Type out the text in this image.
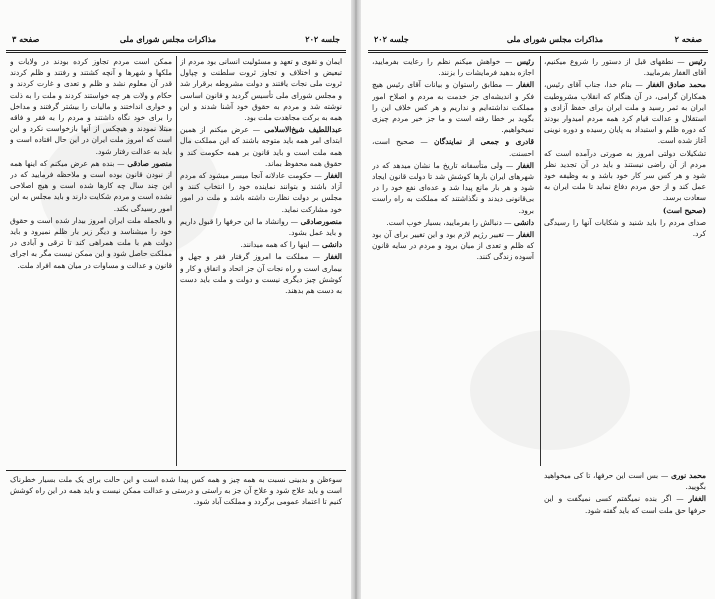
جلسه ۲۰۲
مذاکرات مجلس شورای ملی
صفحه ۳

ایمان و تقوی و تعهد و مسئولیت انسانی بود مردم از تبعیض و اختلاف و تجاوز ثروت سلطنت و چپاول ثروت ملی نجات یافتند و دولت مشروطه برقرار شد و مجلس شورای ملی تأسیس گردید و قانون اساسی نوشته شد و مردم به حقوق خود آشنا شدند و این همه به برکت مجاهدت ملت بود.

عبداللطیف شیخ‌الاسلامی — عرض میکنم از همین ابتدای امر همه باید متوجه باشند که این مملکت مال همه ملت است و باید قانون بر همه حکومت کند و حقوق همه محفوظ بماند.

الغفار — حکومت عادلانه آنجا میسر میشود که مردم آزاد باشند و بتوانند نماینده خود را انتخاب کنند و مجلس بر دولت نظارت داشته باشد و ملت در امور خود مشارکت نماید.

منصورصادقی — روانشاد ما این حرفها را قبول داریم و باید عمل بشود.

دانشی — اینها را که همه میدانند.

الغفار — مملکت ما امروز گرفتار فقر و جهل و بیماری است و راه نجات آن جز اتحاد و اتفاق و کار و کوشش چیز دیگری نیست و دولت و ملت باید دست به دست هم بدهند.

ممکن است مردم تجاوز کرده بودند در ولایات و ملکها و شهرها و آنچه کشتند و رفتند و ظلم کردند قدر آن معلوم نشد و ظلم و تعدی و غارت کردند و حکام و ولات هر چه خواستند کردند و ملت را به ذلت و خواری انداختند و مالیات را بیشتر گرفتند و مداخل را برای خود نگاه داشتند و مردم را به فقر و فاقه مبتلا نمودند و هیچکس از آنها بازخواست نکرد و این است که امروز ملت ایران در این حال افتاده است و باید به عدالت رفتار شود.

منصور صادقی — بنده هم عرض میکنم که اینها همه از نبودن قانون بوده است و ملاحظه فرمایید که در این چند سال چه کارها شده است و هیچ اصلاحی نشده است و مردم شکایت دارند و باید مجلس به این امور رسیدگی بکند.

و بالجمله ملت ایران امروز بیدار شده است و حقوق خود را میشناسد و دیگر زیر بار ظلم نمیرود و باید دولت هم با ملت همراهی کند تا ترقی و آبادی در مملکت حاصل شود و این ممکن نیست مگر به اجرای قانون و عدالت و مساوات در میان همه افراد ملت.

سوءظن و بدبینی نسبت به همه چیز و همه کس پیدا شده است و این حالت برای یک ملت بسیار خطرناک است و باید علاج شود و علاج آن جز به راستی و درستی و عدالت ممکن نیست و باید همه در این راه کوشش کنیم تا اعتماد عمومی برگردد و مملکت آباد شود.
صفحه ۲
مذاکرات مجلس شورای ملی
جلسه ۲۰۲

رئیس — نطقهای قبل از دستور را شروع میکنیم، آقای الغفار بفرمایید.

محمد صادق الغفار — بنام خدا، جناب آقای رئیس، همکاران گرامی، در آن هنگام که انقلاب مشروطیت ایران به ثمر رسید و ملت ایران برای حفظ آزادی و استقلال و عدالت قیام کرد همه مردم امیدوار بودند که دوره ظلم و استبداد به پایان رسیده و دوره نوینی آغاز شده است.

تشکیلات دولتی امروز به صورتی درآمده است که مردم از آن راضی نیستند و باید در آن تجدید نظر شود و هر کس سر کار خود باشد و به وظیفه خود عمل کند و از حق مردم دفاع نماید تا ملت ایران به سعادت برسد.

(صحیح است)

صدای مردم را باید شنید و شکایات آنها را رسیدگی کرد.

رئیس — خواهش میکنم نظم را رعایت بفرمایید، اجازه بدهید فرمایشات را بزنند.

الغفار — مطابق راستوان و بیانات آقای رئیس هیچ فکر و اندیشه‌ای جز خدمت به مردم و اصلاح امور مملکت نداشته‌ایم و نداریم و هر کس خلاف این را بگوید بر خطا رفته است و ما جز خیر مردم چیزی نمیخواهیم.

قادری و جمعی از نمایندگان — صحیح است، احسنت.

الغفار — ولی متأسفانه تاریخ ما نشان میدهد که در شهرهای ایران بارها کوشش شد تا دولت قانون ایجاد شود و هر بار مانع پیدا شد و عده‌ای نفع خود را در بی‌قانونی دیدند و نگذاشتند که مملکت به راه راست برود.

دانشی — دنبالش را بفرمایید، بسیار خوب است.

الغفار — تغییر رژیم لازم بود و این تغییر برای آن بود که ظلم و تعدی از میان برود و مردم در سایه قانون آسوده زندگی کنند.

محمد نوری — بس است این حرفها، تا کی میخواهید بگویید.

الغفار — اگر بنده نمیگفتم کسی نمیگفت و این حرفها حق ملت است که باید گفته شود.
